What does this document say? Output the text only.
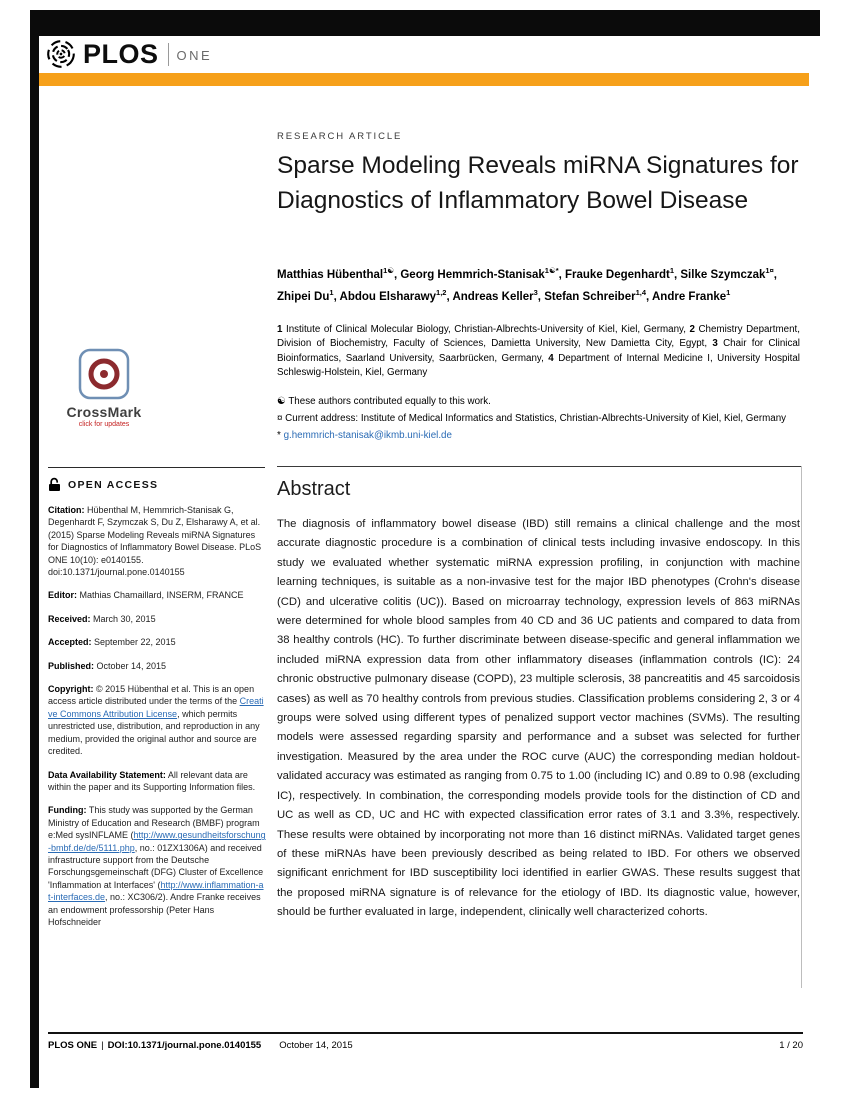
PLOS ONE
CrossMark
click for updates
OPEN ACCESS

Citation: Hübenthal M, Hemmrich-Stanisak G, Degenhardt F, Szymczak S, Du Z, Elsharawy A, et al. (2015) Sparse Modeling Reveals miRNA Signatures for Diagnostics of Inflammatory Bowel Disease. PLoS ONE 10(10): e0140155. doi:10.1371/journal.pone.0140155

Editor: Mathias Chamaillard, INSERM, FRANCE

Received: March 30, 2015

Accepted: September 22, 2015

Published: October 14, 2015

Copyright: © 2015 Hübenthal et al. This is an open access article distributed under the terms of the Creative Commons Attribution License, which permits unrestricted use, distribution, and reproduction in any medium, provided the original author and source are credited.

Data Availability Statement: All relevant data are within the paper and its Supporting Information files.

Funding: This study was supported by the German Ministry of Education and Research (BMBF) program e:Med sysINFLAME (http://www.gesundheitsforschung-bmbf.de/de/5111.php, no.: 01ZX1306A) and received infrastructure support from the Deutsche Forschungsgemeinschaft (DFG) Cluster of Excellence 'Inflammation at Interfaces' (http://www.inflammation-at-interfaces.de, no.: XC306/2). Andre Franke receives an endowment professorship (Peter Hans Hofschneider

RESEARCH ARTICLE
Sparse Modeling Reveals miRNA Signatures for Diagnostics of Inflammatory Bowel Disease
Matthias Hübenthal$^{1☯}$ , Georg Hemmrich-Stanisak$^{1☯*}$ , Frauke Degenhardt$^1$ , Silke Szymczak$^{1¤}$ , Zhipei Du$^1$ , Abdou Elsharawy$^{1,2}$ , Andreas Keller$^3$ , Stefan Schreiber$^{1,4}$ , Andre Franke$^1$
1 Institute of Clinical Molecular Biology, Christian-Albrechts-University of Kiel, Kiel, Germany, 2 Chemistry Department, Division of Biochemistry, Faculty of Sciences, Damietta University, New Damietta City, Egypt, 3 Chair for Clinical Bioinformatics, Saarland University, Saarbrücken, Germany, 4 Department of Internal Medicine I, University Hospital Schleswig-Holstein, Kiel, Germany

☯ These authors contributed equally to this work.

¤ Current address: Institute of Medical Informatics and Statistics, Christian-Albrechts-University of Kiel, Kiel, Germany

* g.hemmrich-stanisak@ikmb.uni-kiel.de

Abstract

The diagnosis of inflammatory bowel disease (IBD) still remains a clinical challenge and the most accurate diagnostic procedure is a combination of clinical tests including invasive endoscopy. In this study we evaluated whether systematic miRNA expression profiling, in conjunction with machine learning techniques, is suitable as a non-invasive test for the major IBD phenotypes (Crohn's disease (CD) and ulcerative colitis (UC)). Based on microarray technology, expression levels of 863 miRNAs were determined for whole blood samples from 40 CD and 36 UC patients and compared to data from 38 healthy controls (HC). To further discriminate between disease-specific and general inflammation we included miRNA expression data from other inflammatory diseases (inflammation controls (IC): 24 chronic obstructive pulmonary disease (COPD), 23 multiple sclerosis, 38 pancreatitis and 45 sarcoidosis cases) as well as 70 healthy controls from previous studies. Classification problems considering 2, 3 or 4 groups were solved using different types of penalized support vector machines (SVMs). The resulting models were assessed regarding sparsity and performance and a subset was selected for further investigation. Measured by the area under the ROC curve (AUC) the corresponding median holdout-validated accuracy was estimated as ranging from 0.75 to 1.00 (including IC) and 0.89 to 0.98 (excluding IC), respectively. In combination, the corresponding models provide tools for the distinction of CD and UC as well as CD, UC and HC with expected classification error rates of 3.1 and 3.3%, respectively. These results were obtained by incorporating not more than 16 distinct miRNAs. Validated target genes of these miRNAs have been previously described as being related to IBD. For others we observed significant enrichment for IBD susceptibility loci identified in earlier GWAS. These results suggest that the proposed miRNA signature is of relevance for the etiology of IBD. Its diagnostic value, however, should be further evaluated in large, independent, clinically well characterized cohorts.

PLOS ONE | DOI:10.1371/journal.pone.0140155 October 14, 2015	1 / 20
